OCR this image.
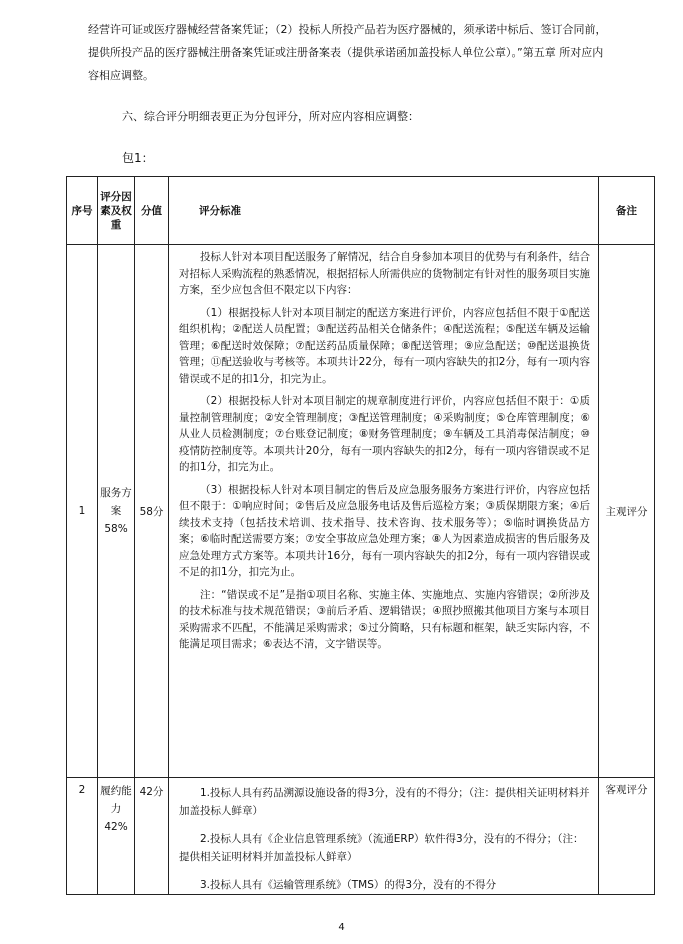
经营许可证或医疗器械经营备案凭证；（2）投标人所投产品若为医疗器械的，须承诺中标后、签订合同前，提供所投产品的医疗器械注册备案凭证或注册备案表（提供承诺函加盖投标人单位公章）。”第五章 所对应内容相应调整。
六、综合评分明细表更正为分包评分，所对应内容相应调整：
包1：
序号	评分因素及权重	分值	评分标准	备注
1	服务方案58%	58分	投标人针对本项目配送服务了解情况，结合自身参加本项目的优势与有利条件，结合对招标人采购流程的熟悉情况，根据招标人所需供应的货物制定有针对性的服务项目实施方案，至少应包含但不限定以下内容：

（1）根据投标人针对本项目制定的配送方案进行评价，内容应包括但不限于①配送组织机构；②配送人员配置；③配送药品相关仓储条件；④配送流程；⑤配送车辆及运输管理；⑥配送时效保障；⑦配送药品质量保障；⑧配送管理；⑨应急配送；⑩配送退换货管理；⑪配送验收与考核等。本项共计22分，每有一项内容缺失的扣2分，每有一项内容错误或不足的扣1分，扣完为止。

（2）根据投标人针对本项目制定的规章制度进行评价，内容应包括但不限于：①质量控制管理制度；②安全管理制度；③配送管理制度；④采购制度；⑤仓库管理制度；⑥从业人员检测制度；⑦台账登记制度；⑧财务管理制度；⑨车辆及工具消毒保洁制度；⑩疫情防控制度等。本项共计20分，每有一项内容缺失的扣2分，每有一项内容错误或不足的扣1分，扣完为止。

（3）根据投标人针对本项目制定的售后及应急服务服务方案进行评价，内容应包括但不限于：①响应时间；②售后及应急服务电话及售后巡检方案；③质保期限方案；④后续技术支持（包括技术培训、技术指导、技术咨询、技术服务等）；⑤临时调换货品方案；⑥临时配送需要方案；⑦安全事故应急处理方案；⑧人为因素造成损害的售后服务及应急处理方式方案等。本项共计16分，每有一项内容缺失的扣2分，每有一项内容错误或不足的扣1分，扣完为止。

注：“错误或不足”是指①项目名称、实施主体、实施地点、实施内容错误；②所涉及的技术标准与技术规范错误；③前后矛盾、逻辑错误；④照抄照搬其他项目方案与本项目采购需求不匹配，不能满足采购需求；⑤过分简略，只有标题和框架，缺乏实际内容，不能满足项目需求；⑥表达不清，文字错误等。	主观评分
2	履约能力42%	42分	1.投标人具有药品溯源设施设备的得3分，没有的不得分；（注：提供相关证明材料并加盖投标人鲜章）

2.投标人具有《企业信息管理系统》（流通ERP）软件得3分，没有的不得分；（注：提供相关证明材料并加盖投标人鲜章）

3.投标人具有《运输管理系统》（TMS）的得3分，没有的不得分	客观评分
4
